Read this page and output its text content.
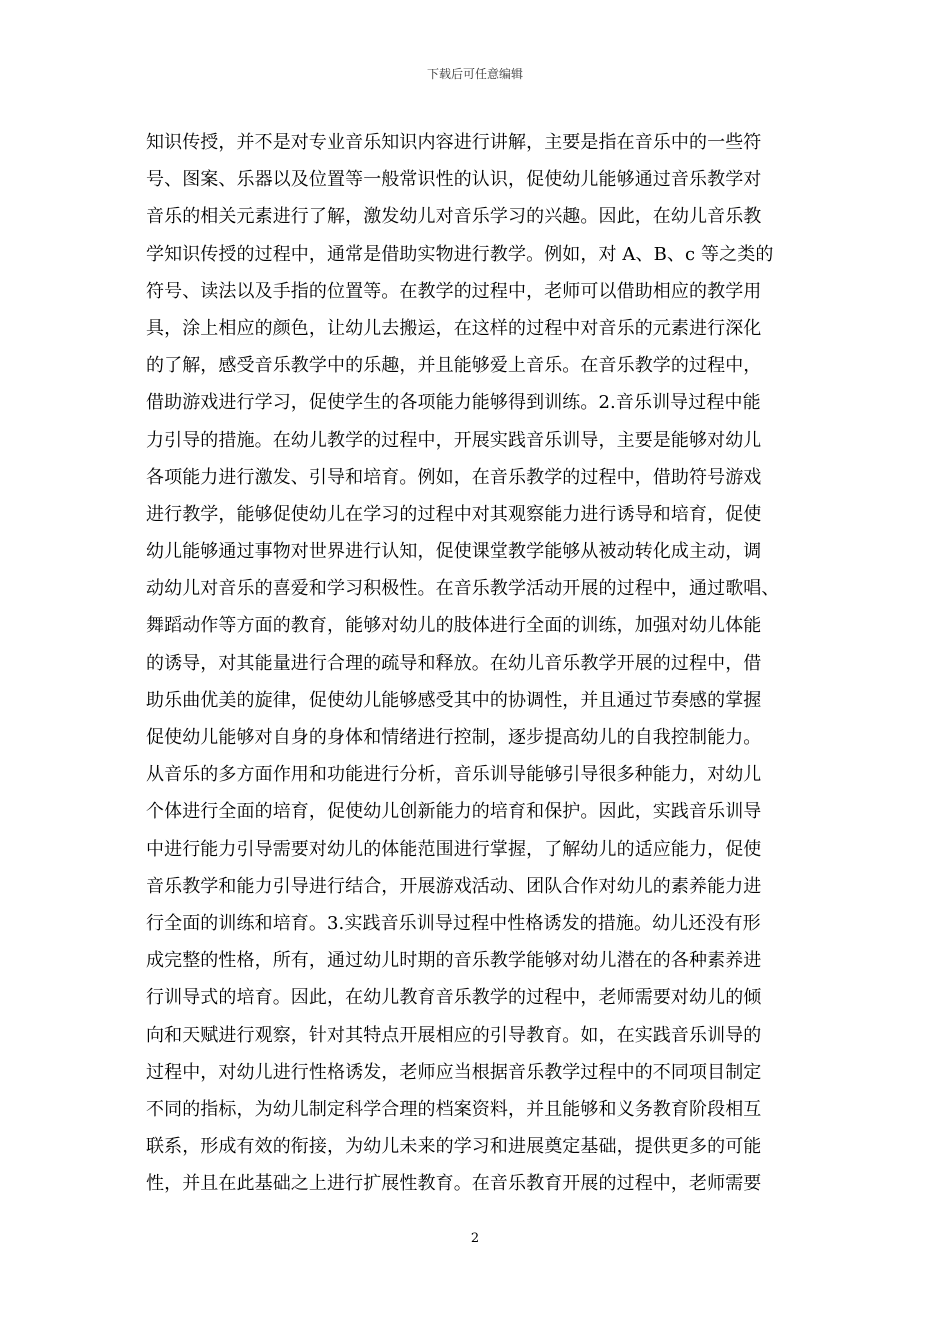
下载后可任意编辑
知识传授，并不是对专业音乐知识内容进行讲解，主要是指在音乐中的一些符
号、图案、乐器以及位置等一般常识性的认识，促使幼儿能够通过音乐教学对
音乐的相关元素进行了解，激发幼儿对音乐学习的兴趣。因此，在幼儿音乐教
学知识传授的过程中，通常是借助实物进行教学。例如，对 A、B、c 等之类的
符号、读法以及手指的位置等。在教学的过程中，老师可以借助相应的教学用
具，涂上相应的颜色，让幼儿去搬运，在这样的过程中对音乐的元素进行深化
的了解，感受音乐教学中的乐趣，并且能够爱上音乐。在音乐教学的过程中，
借助游戏进行学习，促使学生的各项能力能够得到训练。2.音乐训导过程中能
力引导的措施。在幼儿教学的过程中，开展实践音乐训导，主要是能够对幼儿
各项能力进行激发、引导和培育。例如，在音乐教学的过程中，借助符号游戏
进行教学，能够促使幼儿在学习的过程中对其观察能力进行诱导和培育，促使
幼儿能够通过事物对世界进行认知，促使课堂教学能够从被动转化成主动，调
动幼儿对音乐的喜爱和学习积极性。在音乐教学活动开展的过程中，通过歌唱、
舞蹈动作等方面的教育，能够对幼儿的肢体进行全面的训练，加强对幼儿体能
的诱导，对其能量进行合理的疏导和释放。在幼儿音乐教学开展的过程中，借
助乐曲优美的旋律，促使幼儿能够感受其中的协调性，并且通过节奏感的掌握
促使幼儿能够对自身的身体和情绪进行控制，逐步提高幼儿的自我控制能力。
从音乐的多方面作用和功能进行分析，音乐训导能够引导很多种能力，对幼儿
个体进行全面的培育，促使幼儿创新能力的培育和保护。因此，实践音乐训导
中进行能力引导需要对幼儿的体能范围进行掌握，了解幼儿的适应能力，促使
音乐教学和能力引导进行结合，开展游戏活动、团队合作对幼儿的素养能力进
行全面的训练和培育。3.实践音乐训导过程中性格诱发的措施。幼儿还没有形
成完整的性格，所有，通过幼儿时期的音乐教学能够对幼儿潜在的各种素养进
行训导式的培育。因此，在幼儿教育音乐教学的过程中，老师需要对幼儿的倾
向和天赋进行观察，针对其特点开展相应的引导教育。如，在实践音乐训导的
过程中，对幼儿进行性格诱发，老师应当根据音乐教学过程中的不同项目制定
不同的指标，为幼儿制定科学合理的档案资料，并且能够和义务教育阶段相互
联系，形成有效的衔接，为幼儿未来的学习和进展奠定基础，提供更多的可能
性，并且在此基础之上进行扩展性教育。在音乐教育开展的过程中，老师需要
2
